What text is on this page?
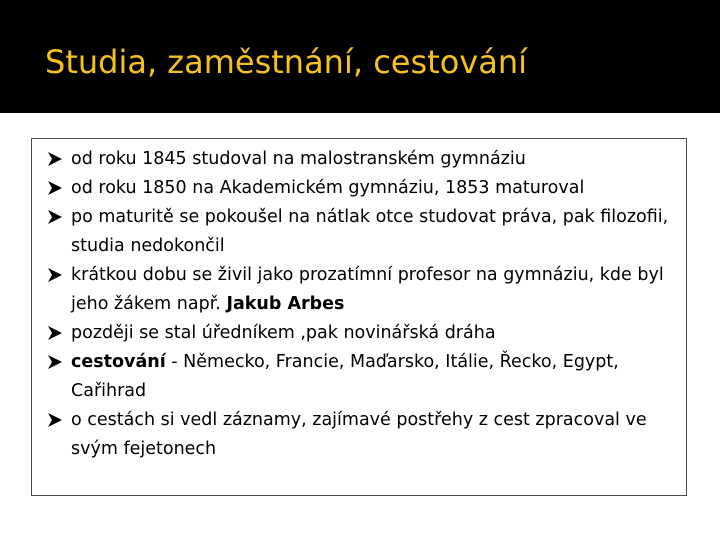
Studia, zaměstnání, cestování
od roku 1845 studoval na malostranském gymnáziu
od roku 1850 na Akademickém gymnáziu, 1853 maturoval
po maturitě se pokoušel na nátlak otce studovat práva, pak filozofii, studia nedokončil
krátkou dobu se živil jako prozatímní profesor na gymnáziu, kde byl jeho žákem např. Jakub Arbes
později se stal úředníkem ,pak novinářská dráha
cestování - Německo, Francie, Maďarsko, Itálie, Řecko, Egypt, Cařihrad
o cestách si vedl záznamy, zajímavé postřehy z cest zpracoval ve svým fejetonech
